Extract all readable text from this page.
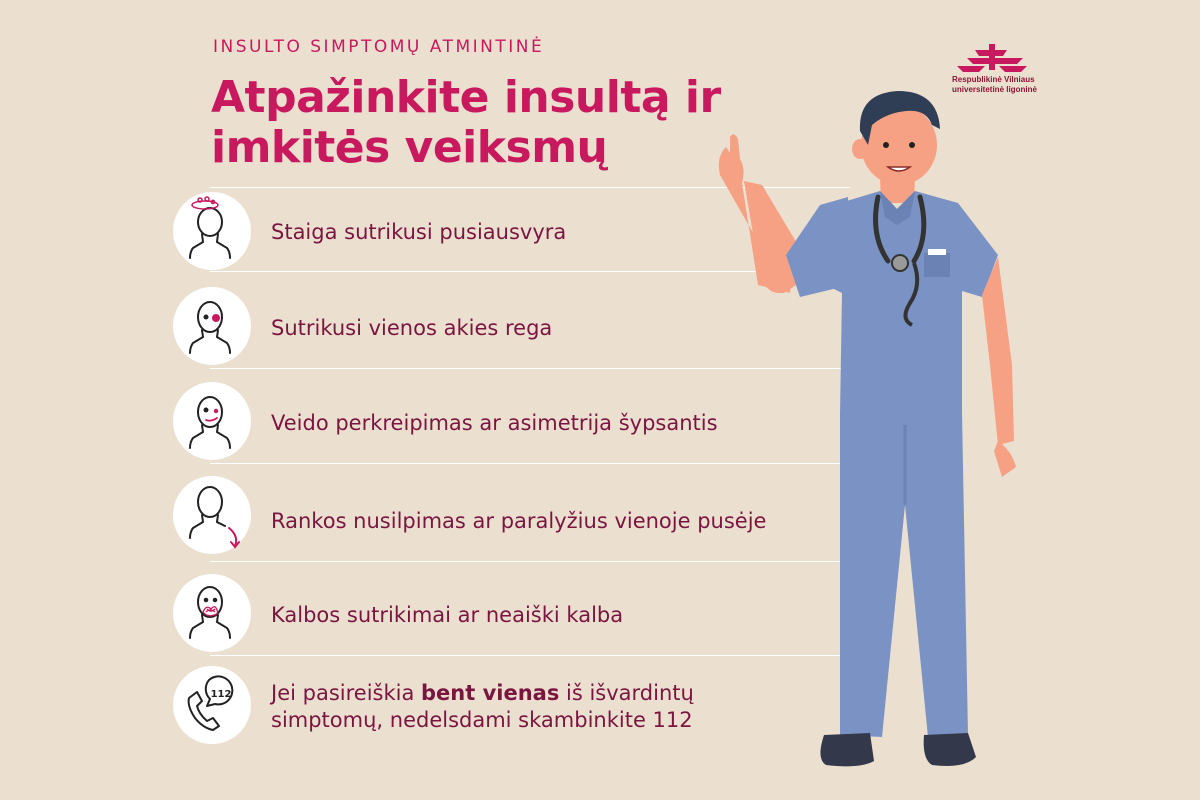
INSULTO SIMPTOMŲ ATMINTINĖ
Atpažinkite insultą ir
imkitės veiksmų
Respublikinė Vilniaus
universitetinė ligoninė
Staiga sutrikusi pusiausvyra
Sutrikusi vienos akies rega
Veido perkreipimas ar asimetrija šypsantis
Rankos nusilpimas ar paralyžius vienoje pusėje
Kalbos sutrikimai ar neaiški kalba
112 Jei pasireiškia bent vienas iš išvardintų
simptomų, nedelsdami skambinkite 112
